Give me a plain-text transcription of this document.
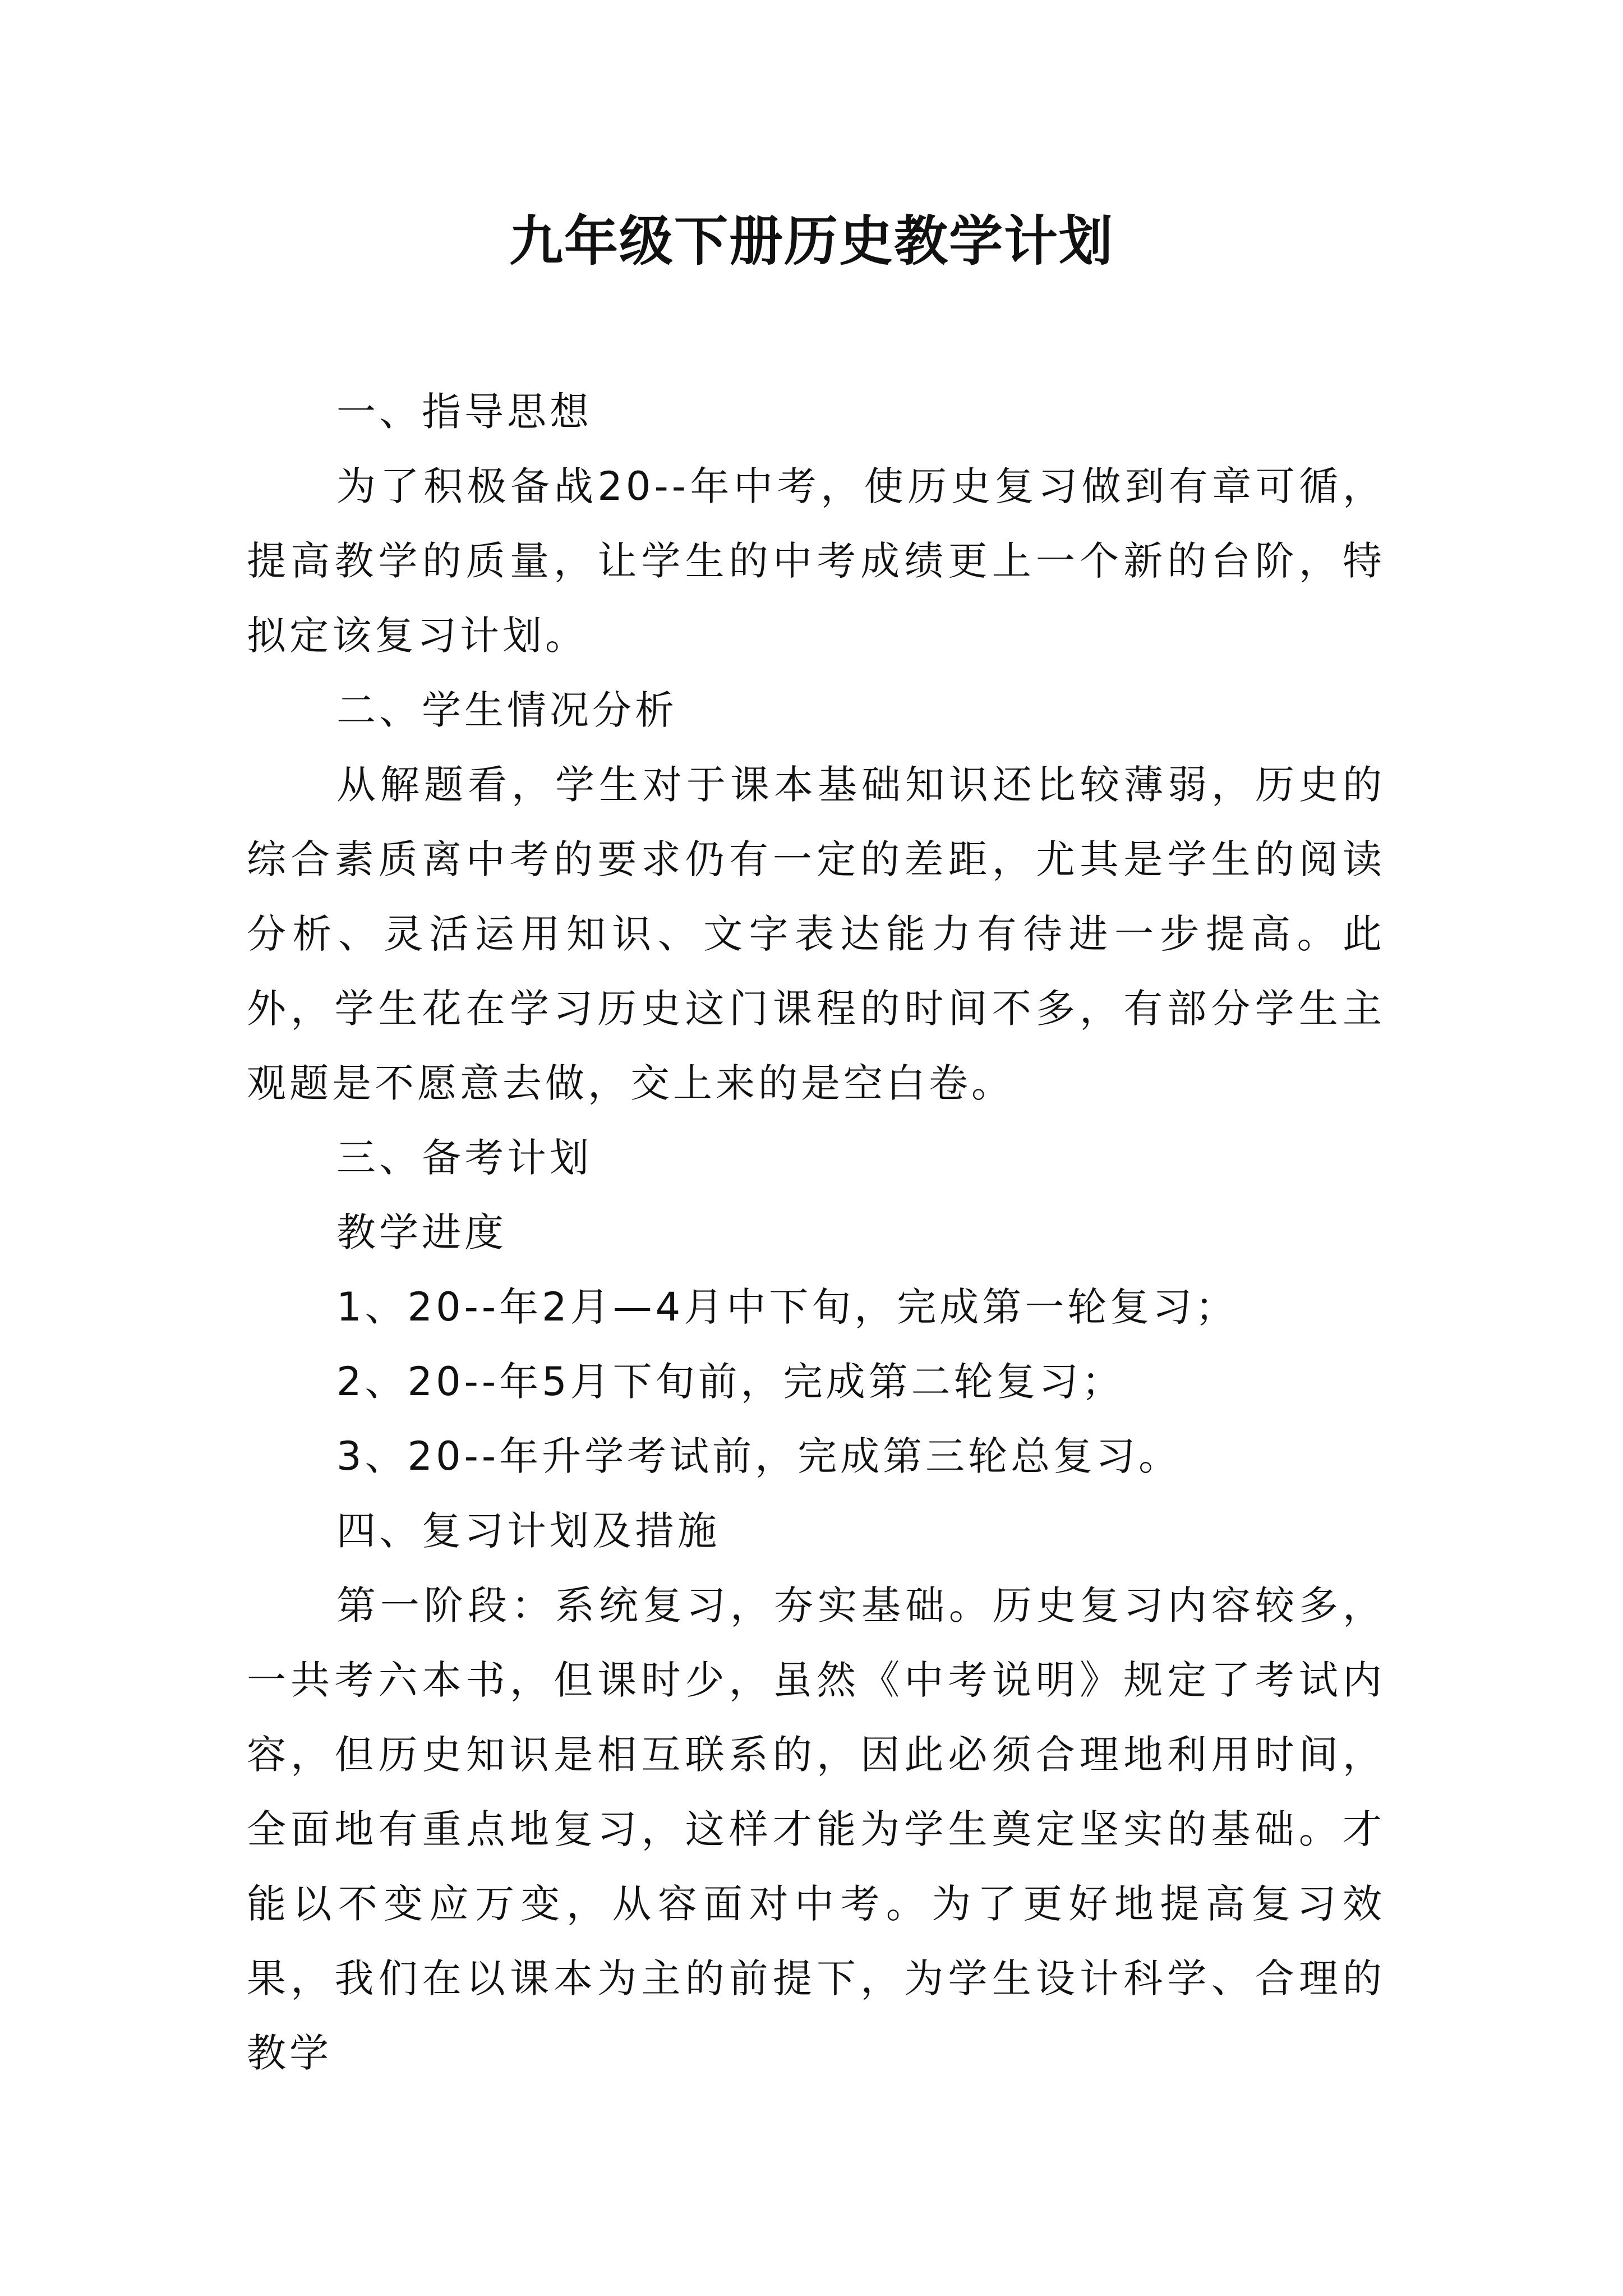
九年级下册历史教学计划

一、指导思想

为了积极备战20--年中考，使历史复习做到有章可循，提高教学的质量，让学生的中考成绩更上一个新的台阶，特拟定该复习计划。

二、学生情况分析

从解题看，学生对于课本基础知识还比较薄弱，历史的综合素质离中考的要求仍有一定的差距，尤其是学生的阅读分析、灵活运用知识、文字表达能力有待进一步提高。此外，学生花在学习历史这门课程的时间不多，有部分学生主观题是不愿意去做，交上来的是空白卷。

三、备考计划

教学进度

1、20--年2月—4月中下旬，完成第一轮复习；

2、20--年5月下旬前，完成第二轮复习；

3、20--年升学考试前，完成第三轮总复习。

四、复习计划及措施

第一阶段：系统复习，夯实基础。历史复习内容较多，一共考六本书，但课时少，虽然《中考说明》规定了考试内容，但历史知识是相互联系的，因此必须合理地利用时间，全面地有重点地复习，这样才能为学生奠定坚实的基础。才能以不变应万变，从容面对中考。为了更好地提高复习效果，我们在以课本为主的前提下，为学生设计科学、合理的教学
